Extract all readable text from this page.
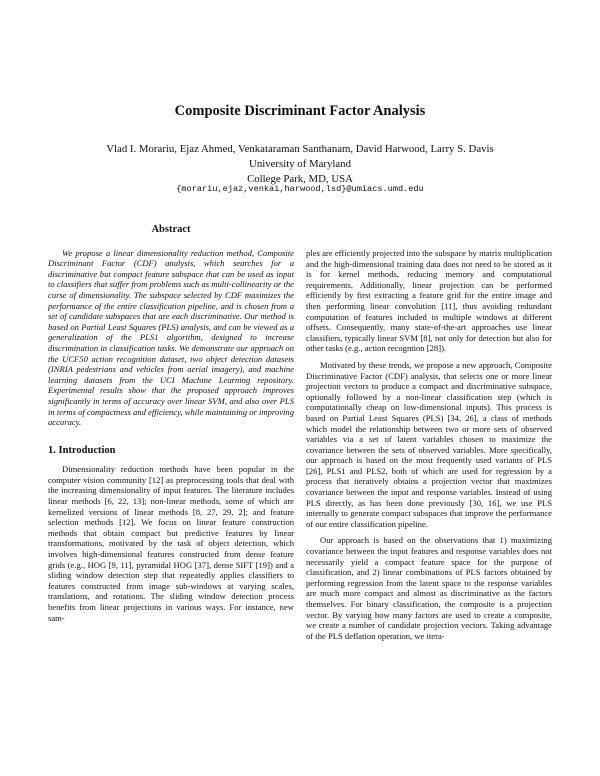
Composite Discriminant Factor Analysis
Vlad I. Morariu, Ejaz Ahmed, Venkataraman Santhanam, David Harwood, Larry S. Davis
University of Maryland
College Park, MD, USA
{morariu,ejaz,venkai,harwood,lsd}@umiacs.umd.edu
Abstract

We propose a linear dimensionality reduction method, Composite Discriminant Factor (CDF) analysis, which searches for a discriminative but compact feature subspace that can be used as input to classifiers that suffer from problems such as multi-collinearity or the curse of dimensionality. The subspace selected by CDF maximizes the performance of the entire classification pipeline, and is chosen from a set of candidate subspaces that are each discriminative. Our method is based on Partial Least Squares (PLS) analysis, and can be viewed as a generalization of the PLS1 algorithm, designed to increase discrimination in classification tasks. We demonstrate our approach on the UCF50 action recognition dataset, two object detection datasets (INRIA pedestrians and vehicles from aerial imagery), and machine learning datasets from the UCI Machine Learning repository. Experimental results show that the proposed approach improves significantly in terms of accuracy over linear SVM, and also over PLS in terms of compactness and efficiency, while maintaining or improving accuracy.

1. Introduction

Dimensionality reduction methods have been popular in the computer vision community [12] as preprocessing tools that deal with the increasing dimensionality of input features. The literature includes linear methods [6, 22, 13]; non-linear methods, some of which are kernelized versions of linear methods [8, 27, 29, 2]; and feature selection methods [12]. We focus on linear feature construction methods that obtain compact but predictive features by linear transformations, motivated by the task of object detection, which involves high-dimensional features constructed from dense feature grids (e.g., HOG [9, 11], pyramidal HOG [37], dense SIFT [19]) and a sliding window detection step that repeatedly applies classifiers to features constructed from image sub-windows at varying scales, translations, and rotations. The sliding window detection process benefits from linear projections in various ways. For instance, new sam-

ples are efficiently projected into the subspace by matrix multiplication and the high-dimensional training data does not need to be stored as it is for kernel methods, reducing memory and computational requirements. Additionally, linear projection can be performed efficiently by first extracting a feature grid for the entire image and then performing linear convolution [11], thus avoiding redundant computation of features included in multiple windows at different offsets. Consequently, many state-of-the-art approaches use linear classifiers, typically linear SVM [8], not only for detection but also for other tasks (e.g., action recogntion [28]).

Motivated by these trends, we propose a new approach, Composite Discriminative Factor (CDF) analysis, that selects one or more linear projection vectors to produce a compact and discriminative subspace, optionally followed by a non-linear classification step (which is computationally cheap on low-dimensional inputs). This process is based on Partial Least Squares (PLS) [34, 26], a class of methods which model the relationship between two or more sets of observed variables via a set of latent variables chosen to maximize the covariance between the sets of observed variables. More specifically, our approach is based on the most frequently used variants of PLS [26], PLS1 and PLS2, both of which are used for regression by a process that iteratively obtains a projection vector that maximizes covariance between the input and response variables. Instead of using PLS directly, as has been done previously [30, 16], we use PLS internally to generate compact subspaces that improve the performance of our entire classification pipeline.

Our approach is based on the observations that 1) maximizing covariance between the input features and response variables does not necessarily yield a compact feature space for the purpose of classification, and 2) linear combinations of PLS factors obtained by performing regression from the latent space to the response variables are much more compact and almost as discriminative as the factors themselves. For binary classification, the composite is a projection vector. By varying how many factors are used to create a composite, we create a number of candidate projection vectors. Taking advantage of the PLS deflation operation, we itera-
